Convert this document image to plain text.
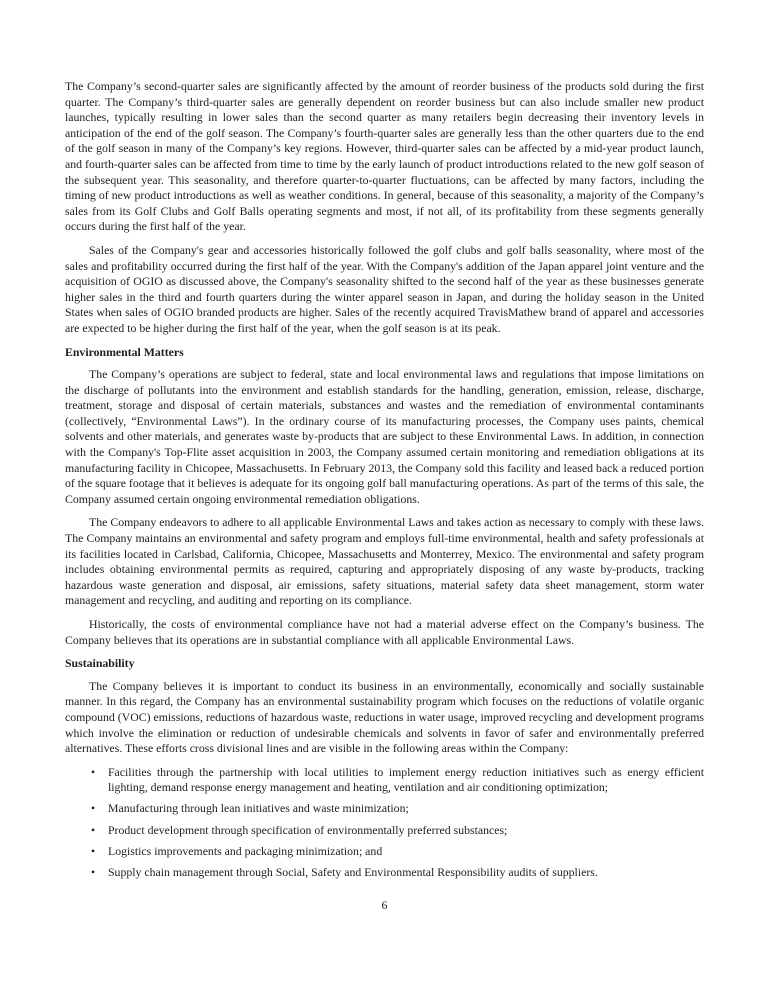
The Company’s second-quarter sales are significantly affected by the amount of reorder business of the products sold during the first quarter. The Company’s third-quarter sales are generally dependent on reorder business but can also include smaller new product launches, typically resulting in lower sales than the second quarter as many retailers begin decreasing their inventory levels in anticipation of the end of the golf season. The Company’s fourth-quarter sales are generally less than the other quarters due to the end of the golf season in many of the Company’s key regions. However, third-quarter sales can be affected by a mid-year product launch, and fourth-quarter sales can be affected from time to time by the early launch of product introductions related to the new golf season of the subsequent year. This seasonality, and therefore quarter-to-quarter fluctuations, can be affected by many factors, including the timing of new product introductions as well as weather conditions. In general, because of this seasonality, a majority of the Company’s sales from its Golf Clubs and Golf Balls operating segments and most, if not all, of its profitability from these segments generally occurs during the first half of the year.

Sales of the Company's gear and accessories historically followed the golf clubs and golf balls seasonality, where most of the sales and profitability occurred during the first half of the year. With the Company's addition of the Japan apparel joint venture and the acquisition of OGIO as discussed above, the Company's seasonality shifted to the second half of the year as these businesses generate higher sales in the third and fourth quarters during the winter apparel season in Japan, and during the holiday season in the United States when sales of OGIO branded products are higher. Sales of the recently acquired TravisMathew brand of apparel and accessories are expected to be higher during the first half of the year, when the golf season is at its peak.

Environmental Matters

The Company’s operations are subject to federal, state and local environmental laws and regulations that impose limitations on the discharge of pollutants into the environment and establish standards for the handling, generation, emission, release, discharge, treatment, storage and disposal of certain materials, substances and wastes and the remediation of environmental contaminants (collectively, “Environmental Laws”). In the ordinary course of its manufacturing processes, the Company uses paints, chemical solvents and other materials, and generates waste by-products that are subject to these Environmental Laws. In addition, in connection with the Company's Top-Flite asset acquisition in 2003, the Company assumed certain monitoring and remediation obligations at its manufacturing facility in Chicopee, Massachusetts. In February 2013, the Company sold this facility and leased back a reduced portion of the square footage that it believes is adequate for its ongoing golf ball manufacturing operations. As part of the terms of this sale, the Company assumed certain ongoing environmental remediation obligations.

The Company endeavors to adhere to all applicable Environmental Laws and takes action as necessary to comply with these laws. The Company maintains an environmental and safety program and employs full-time environmental, health and safety professionals at its facilities located in Carlsbad, California, Chicopee, Massachusetts and Monterrey, Mexico. The environmental and safety program includes obtaining environmental permits as required, capturing and appropriately disposing of any waste by-products, tracking hazardous waste generation and disposal, air emissions, safety situations, material safety data sheet management, storm water management and recycling, and auditing and reporting on its compliance.

Historically, the costs of environmental compliance have not had a material adverse effect on the Company’s business. The Company believes that its operations are in substantial compliance with all applicable Environmental Laws.

Sustainability

The Company believes it is important to conduct its business in an environmentally, economically and socially sustainable manner. In this regard, the Company has an environmental sustainability program which focuses on the reductions of volatile organic compound (VOC) emissions, reductions of hazardous waste, reductions in water usage, improved recycling and development programs which involve the elimination or reduction of undesirable chemicals and solvents in favor of safer and environmentally preferred alternatives. These efforts cross divisional lines and are visible in the following areas within the Company:

• Facilities through the partnership with local utilities to implement energy reduction initiatives such as energy efficient lighting, demand response energy management and heating, ventilation and air conditioning optimization;
• Manufacturing through lean initiatives and waste minimization;
• Product development through specification of environmentally preferred substances;
• Logistics improvements and packaging minimization; and
• Supply chain management through Social, Safety and Environmental Responsibility audits of suppliers.
6
